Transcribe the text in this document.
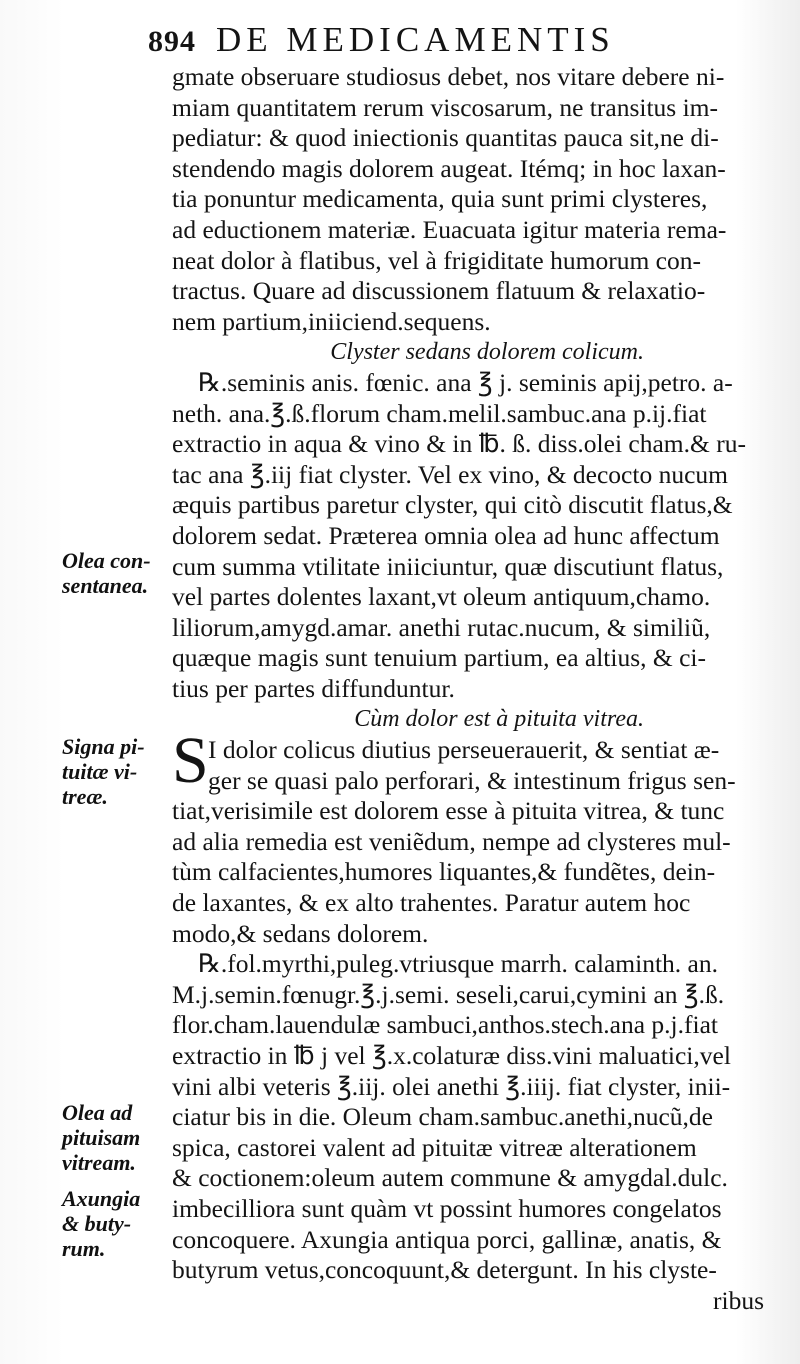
894 DE MEDICAMENTIS
Olea con-
sentanea.
Signa pi-
tuitæ vi-
treæ.
Olea ad
pituisam
vitream.
Axungia
& buty-
rum.
S
gmate obseruare studiosus debet, nos vitare debere ni-
miam quantitatem rerum viscosarum, ne transitus im-
pediatur: & quod iniectionis quantitas pauca sit,ne di-
stendendo magis dolorem augeat. Itémq; in hoc laxan-
tia ponuntur medicamenta, quia sunt primi clysteres,
ad eductionem materiæ. Euacuata igitur materia rema-
neat dolor à flatibus, vel à frigiditate humorum con-
tractus. Quare ad discussionem flatuum & relaxatio-
nem partium,iniiciend.sequens.
Clyster sedans dolorem colicum.
℞.seminis anis. fœnic. ana ℥ j. seminis apij,petro. a-
neth. ana.℥.ß.florum cham.melil.sambuc.ana p.ij.fiat
extractio in aqua & vino & in ℔. ß. diss.olei cham.& ru-
tac ana ℥.iij fiat clyster. Vel ex vino, & decocto nucum
æquis partibus paretur clyster, qui citò discutit flatus,&
dolorem sedat. Præterea omnia olea ad hunc affectum
cum summa vtilitate iniiciuntur, quæ discutiunt flatus,
vel partes dolentes laxant,vt oleum antiquum,chamo.
liliorum,amygd.amar. anethi rutac.nucum, & similiũ,
quæque magis sunt tenuium partium, ea altius, & ci-
tius per partes diffunduntur.
Cùm dolor est à pituita vitrea.
I dolor colicus diutius perseuerauerit, & sentiat æ-
ger se quasi palo perforari, & intestinum frigus sen-
tiat,verisimile est dolorem esse à pituita vitrea, & tunc
ad alia remedia est veniẽdum, nempe ad clysteres mul-
tùm calfacientes,humores liquantes,& fundẽtes, dein-
de laxantes, & ex alto trahentes. Paratur autem hoc
modo,& sedans dolorem.
℞.fol.myrthi,puleg.vtriusque marrh. calaminth. an.
M.j.semin.fœnugr.℥.j.semi. seseli,carui,cymini an ℥.ß.
flor.cham.lauendulæ sambuci,anthos.stech.ana p.j.fiat
extractio in ℔ j vel ℥.x.colaturæ diss.vini maluatici,vel
vini albi veteris ℥.iij. olei anethi ℥.iiij. fiat clyster, inii-
ciatur bis in die. Oleum cham.sambuc.anethi,nucũ,de
spica, castorei valent ad pituitæ vitreæ alterationem
& coctionem:oleum autem commune & amygdal.dulc.
imbecilliora sunt quàm vt possint humores congelatos
concoquere. Axungia antiqua porci, gallinæ, anatis, &
butyrum vetus,concoquunt,& detergunt. In his clyste-
ribus
